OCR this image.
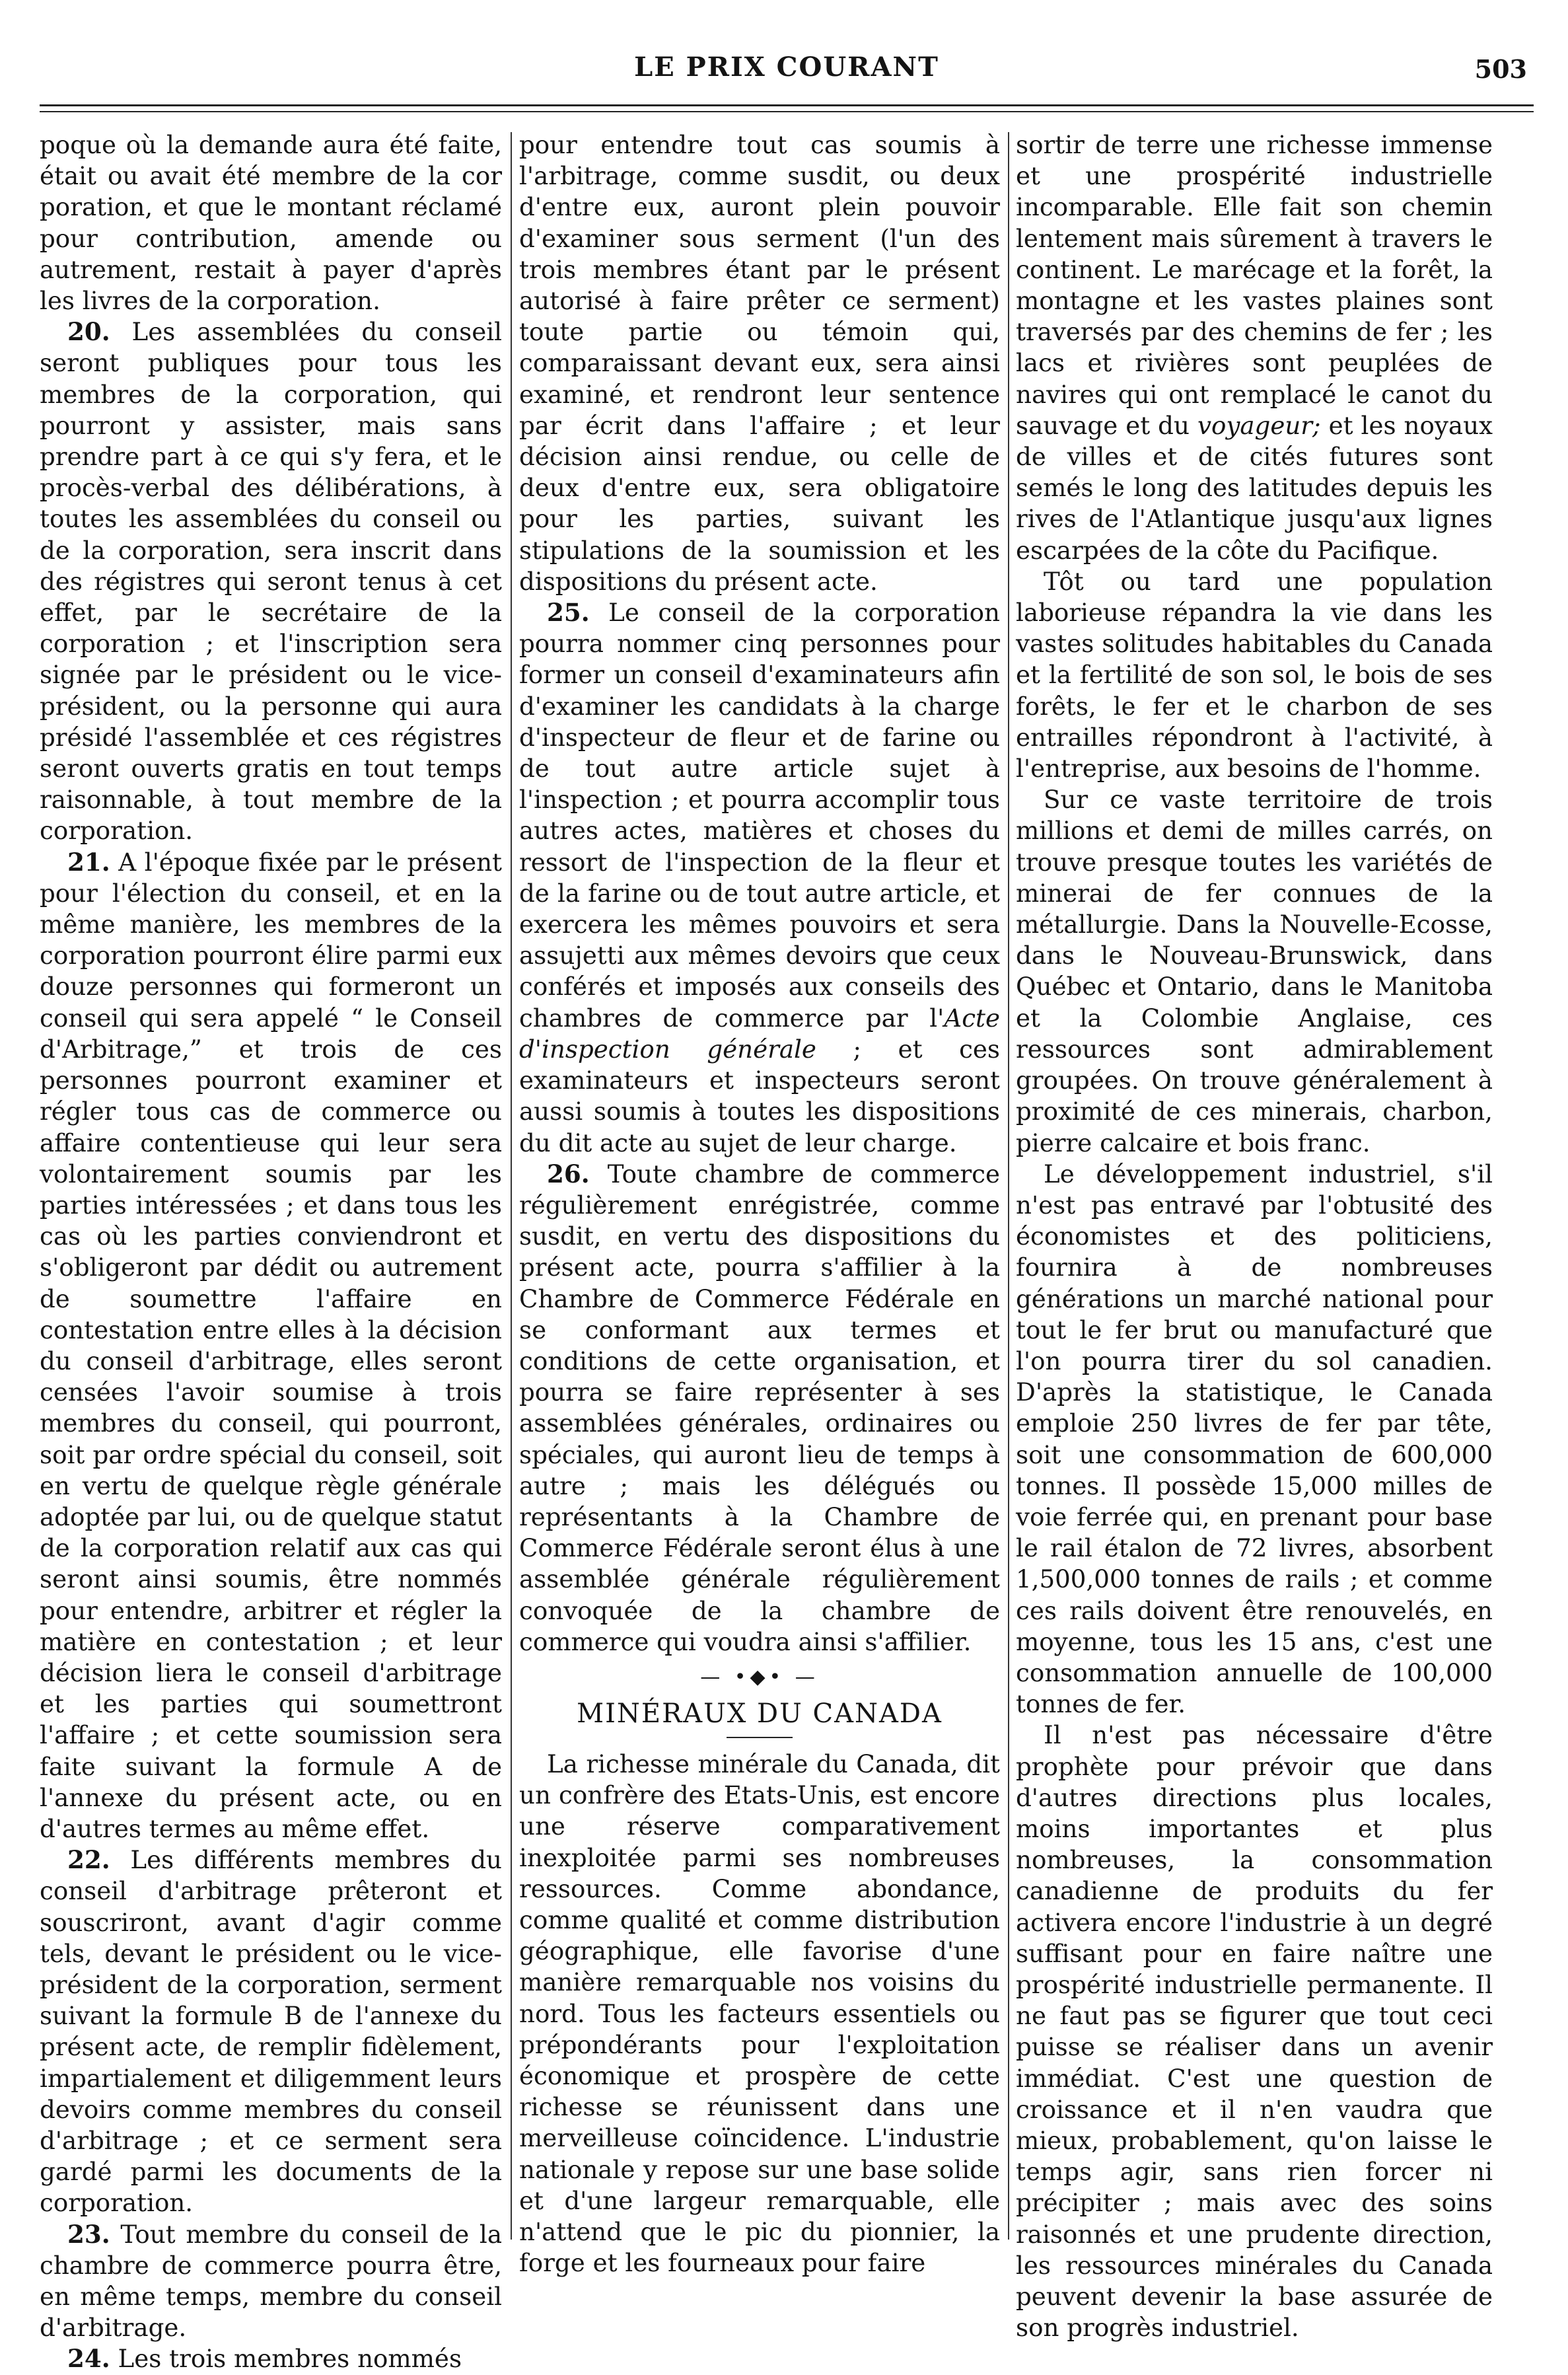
LE PRIX COURANT	503

poque où la demande aura été faite, était ou avait été membre de la cor poration, et que le montant réclamé pour contribution, amende ou autrement, restait à payer d'après les livres de la corporation.

20. Les assemblées du conseil seront publiques pour tous les membres de la corporation, qui pourront y assister, mais sans prendre part à ce qui s'y fera, et le procès-verbal des délibérations, à toutes les assemblées du conseil ou de la corporation, sera inscrit dans des régistres qui seront tenus à cet effet, par le secrétaire de la corporation ; et l'inscription sera signée par le président ou le vice-président, ou la personne qui aura présidé l'assemblée et ces régistres seront ouverts gratis en tout temps raisonnable, à tout membre de la corporation.

21. A l'époque fixée par le présent pour l'élection du conseil, et en la même manière, les membres de la corporation pourront élire parmi eux douze personnes qui formeront un conseil qui sera appelé “ le Conseil d'Arbitrage,” et trois de ces personnes pourront examiner et régler tous cas de commerce ou affaire contentieuse qui leur sera volontairement soumis par les parties intéressées ; et dans tous les cas où les parties conviendront et s'obligeront par dédit ou autrement de soumettre l'affaire en contestation entre elles à la décision du conseil d'arbitrage, elles seront censées l'avoir soumise à trois membres du conseil, qui pourront, soit par ordre spécial du conseil, soit en vertu de quelque règle générale adoptée par lui, ou de quelque statut de la corporation relatif aux cas qui seront ainsi soumis, être nommés pour entendre, arbitrer et régler la matière en contestation ; et leur décision liera le conseil d'arbitrage et les parties qui soumettront l'affaire ; et cette soumission sera faite suivant la formule A de l'annexe du présent acte, ou en d'autres termes au même effet.

22. Les différents membres du conseil d'arbitrage prêteront et souscriront, avant d'agir comme tels, devant le président ou le vice-président de la corporation, serment suivant la formule B de l'annexe du présent acte, de remplir fidèlement, impartialement et diligemment leurs devoirs comme membres du conseil d'arbitrage ; et ce serment sera gardé parmi les documents de la corporation.

23. Tout membre du conseil de la chambre de commerce pourra être, en même temps, membre du conseil d'arbitrage.

24. Les trois membres nommés

pour entendre tout cas soumis à l'arbitrage, comme susdit, ou deux d'entre eux, auront plein pouvoir d'examiner sous serment (l'un des trois membres étant par le présent autorisé à faire prêter ce serment) toute partie ou témoin qui, comparaissant devant eux, sera ainsi examiné, et rendront leur sentence par écrit dans l'affaire ; et leur décision ainsi rendue, ou celle de deux d'entre eux, sera obligatoire pour les parties, suivant les stipulations de la soumission et les dispositions du présent acte.

25. Le conseil de la corporation pourra nommer cinq personnes pour former un conseil d'examinateurs afin d'examiner les candidats à la charge d'inspecteur de fleur et de farine ou de tout autre article sujet à l'inspection ; et pourra accomplir tous autres actes, matières et choses du ressort de l'inspection de la fleur et de la farine ou de tout autre article, et exercera les mêmes pouvoirs et sera assujetti aux mêmes devoirs que ceux conférés et imposés aux conseils des chambres de commerce par l'Acte d'inspection générale ; et ces examinateurs et inspecteurs seront aussi soumis à toutes les dispositions du dit acte au sujet de leur charge.

26. Toute chambre de commerce régulièrement enrégistrée, comme susdit, en vertu des dispositions du présent acte, pourra s'affilier à la Chambre de Commerce Fédérale en se conformant aux termes et conditions de cette organisation, et pourra se faire représenter à ses assemblées générales, ordinaires ou spéciales, qui auront lieu de temps à autre ; mais les délégués ou représentants à la Chambre de Commerce Fédérale seront élus à une assemblée générale régulièrement convoquée de la chambre de commerce qui voudra ainsi s'affilier.

— •◆• —
MINÉRAUX DU CANADA

La richesse minérale du Canada, dit un confrère des Etats-Unis, est encore une réserve comparativement inexploitée parmi ses nombreuses ressources. Comme abondance, comme qualité et comme distribution géographique, elle favorise d'une manière remarquable nos voisins du nord. Tous les facteurs essentiels ou prépondérants pour l'exploitation économique et prospère de cette richesse se réunissent dans une merveilleuse coïncidence. L'industrie nationale y repose sur une base solide et d'une largeur remarquable, elle n'attend que le pic du pionnier, la forge et les fourneaux pour faire

sortir de terre une richesse immense et une prospérité industrielle incomparable. Elle fait son chemin lentement mais sûrement à travers le continent. Le marécage et la forêt, la montagne et les vastes plaines sont traversés par des chemins de fer ; les lacs et rivières sont peuplées de navires qui ont remplacé le canot du sauvage et du voyageur; et les noyaux de villes et de cités futures sont semés le long des latitudes depuis les rives de l'Atlantique jusqu'aux lignes escarpées de la côte du Pacifique.

Tôt ou tard une population laborieuse répandra la vie dans les vastes solitudes habitables du Canada et la fertilité de son sol, le bois de ses forêts, le fer et le charbon de ses entrailles répondront à l'activité, à l'entreprise, aux besoins de l'homme.

Sur ce vaste territoire de trois millions et demi de milles carrés, on trouve presque toutes les variétés de minerai de fer connues de la métallurgie. Dans la Nouvelle-Ecosse, dans le Nouveau-Brunswick, dans Québec et Ontario, dans le Manitoba et la Colombie Anglaise, ces ressources sont admirablement groupées. On trouve généralement à proximité de ces minerais, charbon, pierre calcaire et bois franc.

Le développement industriel, s'il n'est pas entravé par l'obtusité des économistes et des politiciens, fournira à de nombreuses générations un marché national pour tout le fer brut ou manufacturé que l'on pourra tirer du sol canadien. D'après la statistique, le Canada emploie 250 livres de fer par tête, soit une consommation de 600,000 tonnes. Il possède 15,000 milles de voie ferrée qui, en prenant pour base le rail étalon de 72 livres, absorbent 1,500,000 tonnes de rails ; et comme ces rails doivent être renouvelés, en moyenne, tous les 15 ans, c'est une consommation annuelle de 100,000 tonnes de fer.

Il n'est pas nécessaire d'être prophète pour prévoir que dans d'autres directions plus locales, moins importantes et plus nombreuses, la consommation canadienne de produits du fer activera encore l'industrie à un degré suffisant pour en faire naître une prospérité industrielle permanente. Il ne faut pas se figurer que tout ceci puisse se réaliser dans un avenir immédiat. C'est une question de croissance et il n'en vaudra que mieux, probablement, qu'on laisse le temps agir, sans rien forcer ni précipiter ; mais avec des soins raisonnés et une prudente direction, les ressources minérales du Canada peuvent devenir la base assurée de son progrès industriel.
